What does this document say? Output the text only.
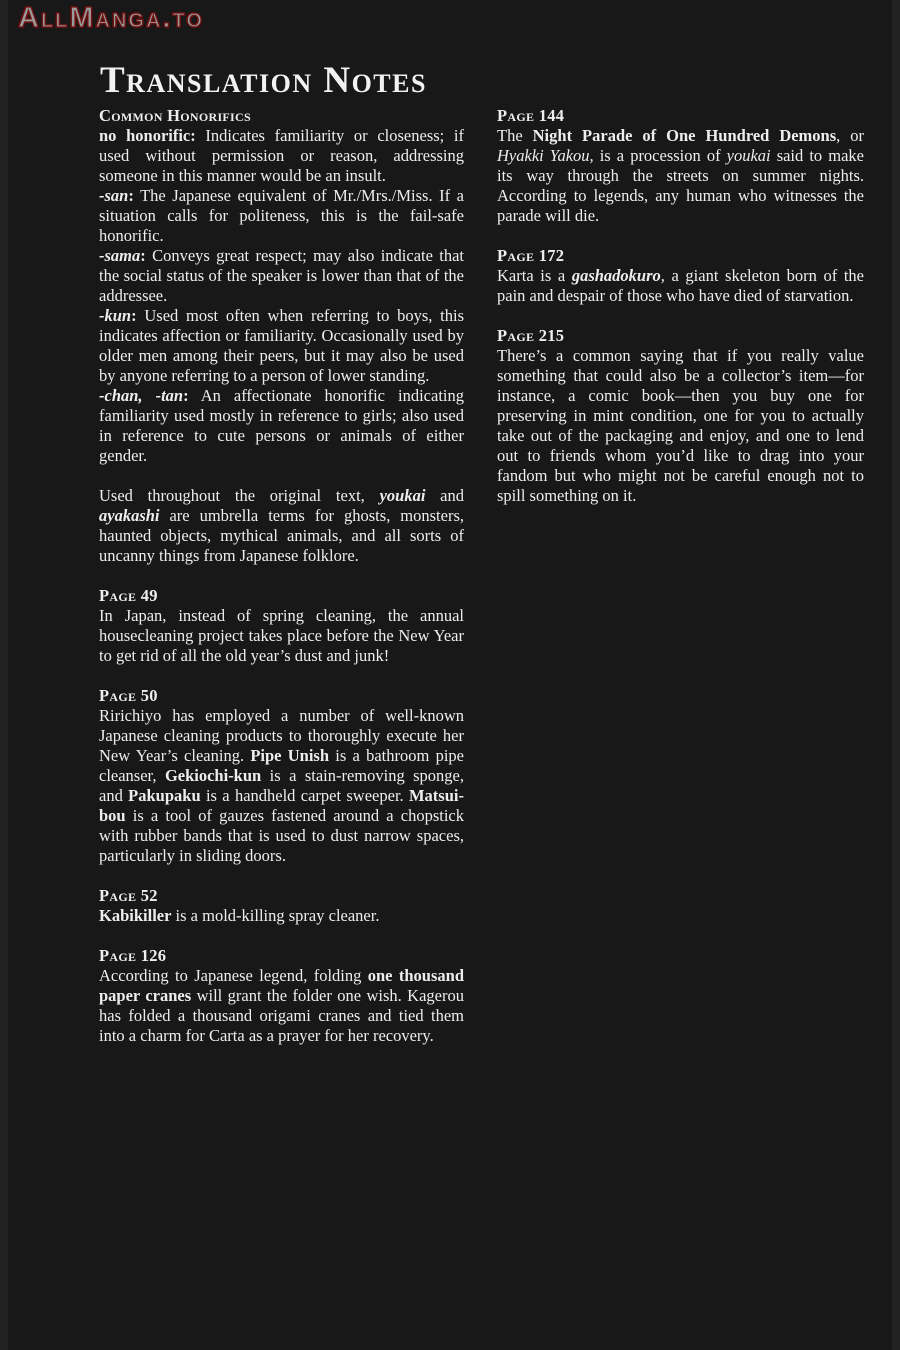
AllManga.to
Translation Notes
Common Honorifics

no honorific: Indicates familiarity or closeness; if used without permission or reason, addressing someone in this manner would be an insult.

-san: The Japanese equivalent of Mr./Mrs./Miss. If a situation calls for politeness, this is the fail-safe honorific.

-sama: Conveys great respect; may also indicate that the social status of the speaker is lower than that of the addressee.

-kun: Used most often when referring to boys, this indicates affection or familiarity. Occasionally used by older men among their peers, but it may also be used by anyone referring to a person of lower standing.

-chan, -tan: An affectionate honorific indicating familiarity used mostly in reference to girls; also used in reference to cute persons or animals of either gender.

Used throughout the original text, youkai and ayakashi are umbrella terms for ghosts, monsters, haunted objects, mythical animals, and all sorts of uncanny things from Japanese folklore.

Page 49

In Japan, instead of spring cleaning, the annual housecleaning project takes place before the New Year to get rid of all the old year’s dust and junk!

Page 50

Ririchiyo has employed a number of well-known Japanese cleaning products to thoroughly execute her New Year’s cleaning. Pipe Unish is a bathroom pipe cleanser, Gekiochi-kun is a stain-removing sponge, and Pakupaku is a handheld carpet sweeper. Matsui-bou is a tool of gauzes fastened around a chopstick with rubber bands that is used to dust narrow spaces, particularly in sliding doors.

Page 52

Kabikiller is a mold-killing spray cleaner.

Page 126

According to Japanese legend, folding one thousand paper cranes will grant the folder one wish. Kagerou has folded a thousand origami cranes and tied them into a charm for Carta as a prayer for her recovery.

Page 144

The Night Parade of One Hundred Demons, or Hyakki Yakou, is a procession of youkai said to make its way through the streets on summer nights. According to legends, any human who witnesses the parade will die.

Page 172

Karta is a gashadokuro, a giant skeleton born of the pain and despair of those who have died of starvation.

Page 215

There’s a common saying that if you really value something that could also be a collector’s item—for instance, a comic book—then you buy one for preserving in mint condition, one for you to actually take out of the packaging and enjoy, and one to lend out to friends whom you’d like to drag into your fandom but who might not be careful enough not to spill something on it.
